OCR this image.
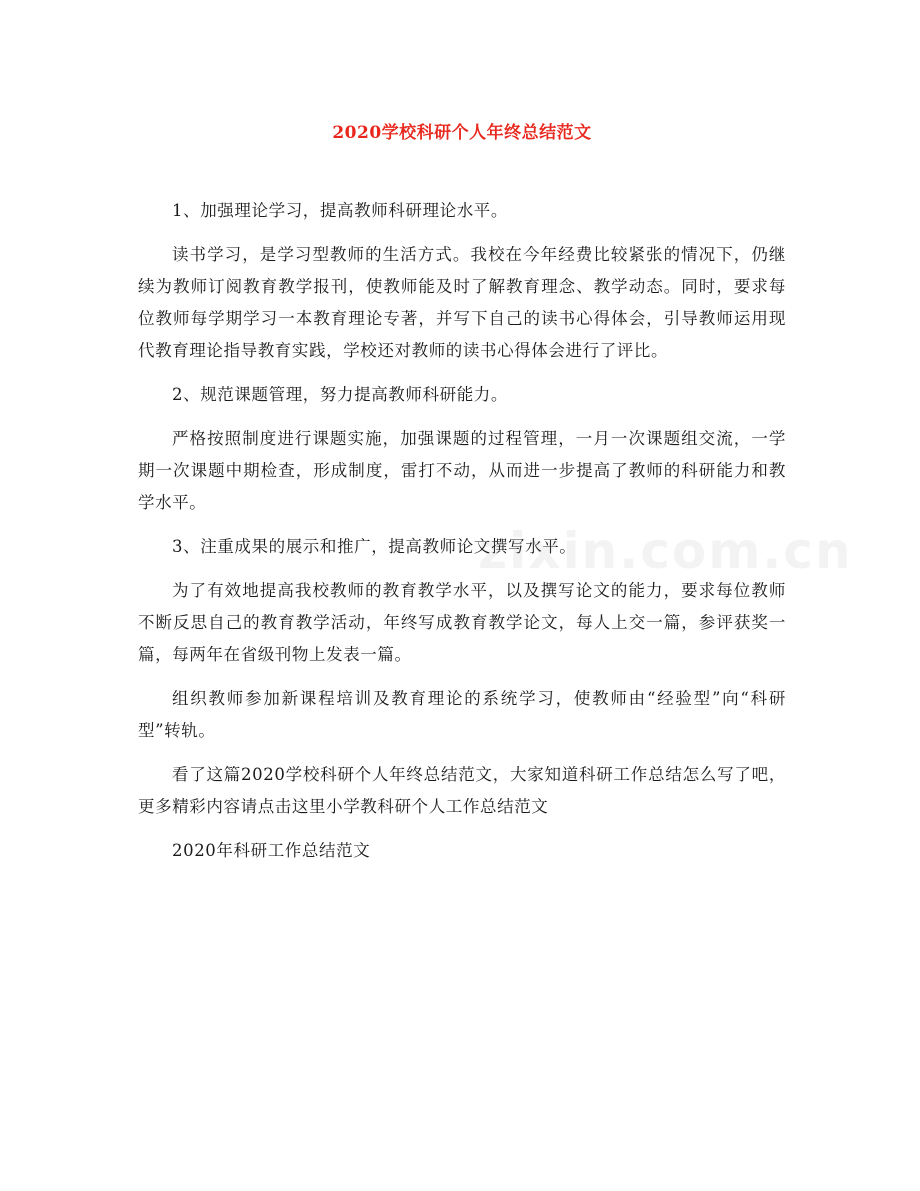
2020学校科研个人年终总结范文

1、加强理论学习，提高教师科研理论水平。

读书学习，是学习型教师的生活方式。我校在今年经费比较紧张的情况下，仍继续为教师订阅教育教学报刊，使教师能及时了解教育理念、教学动态。同时，要求每位教师每学期学习一本教育理论专著，并写下自己的读书心得体会，引导教师运用现代教育理论指导教育实践，学校还对教师的读书心得体会进行了评比。

2、规范课题管理，努力提高教师科研能力。

严格按照制度进行课题实施，加强课题的过程管理，一月一次课题组交流，一学期一次课题中期检查，形成制度，雷打不动，从而进一步提高了教师的科研能力和教学水平。

3、注重成果的展示和推广，提高教师论文撰写水平。

为了有效地提高我校教师的教育教学水平，以及撰写论文的能力，要求每位教师不断反思自己的教育教学活动，年终写成教育教学论文，每人上交一篇，参评获奖一篇，每两年在省级刊物上发表一篇。

组织教师参加新课程培训及教育理论的系统学习，使教师由“经验型”向“科研型”转轨。

看了这篇2020学校科研个人年终总结范文，大家知道科研工作总结怎么写了吧，更多精彩内容请点击这里小学教科研个人工作总结范文

2020年科研工作总结范文

zixin.com.cn
